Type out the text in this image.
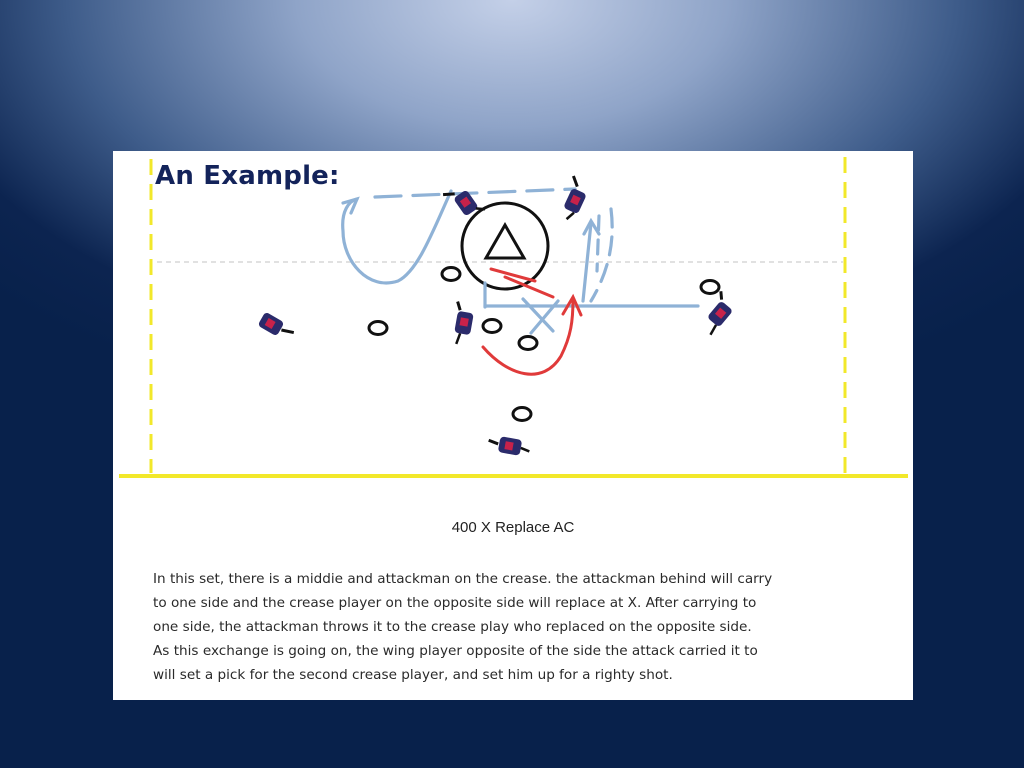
An Example:
400 X Replace AC
In this set, there is a middie and attackman on the crease. the attackman behind will carry
to one side and the crease player on the opposite side will replace at X. After carrying to
one side, the attackman throws it to the crease play who replaced on the opposite side.
As this exchange is going on, the wing player opposite of the side the attack carried it to
will set a pick for the second crease player, and set him up for a righty shot.
